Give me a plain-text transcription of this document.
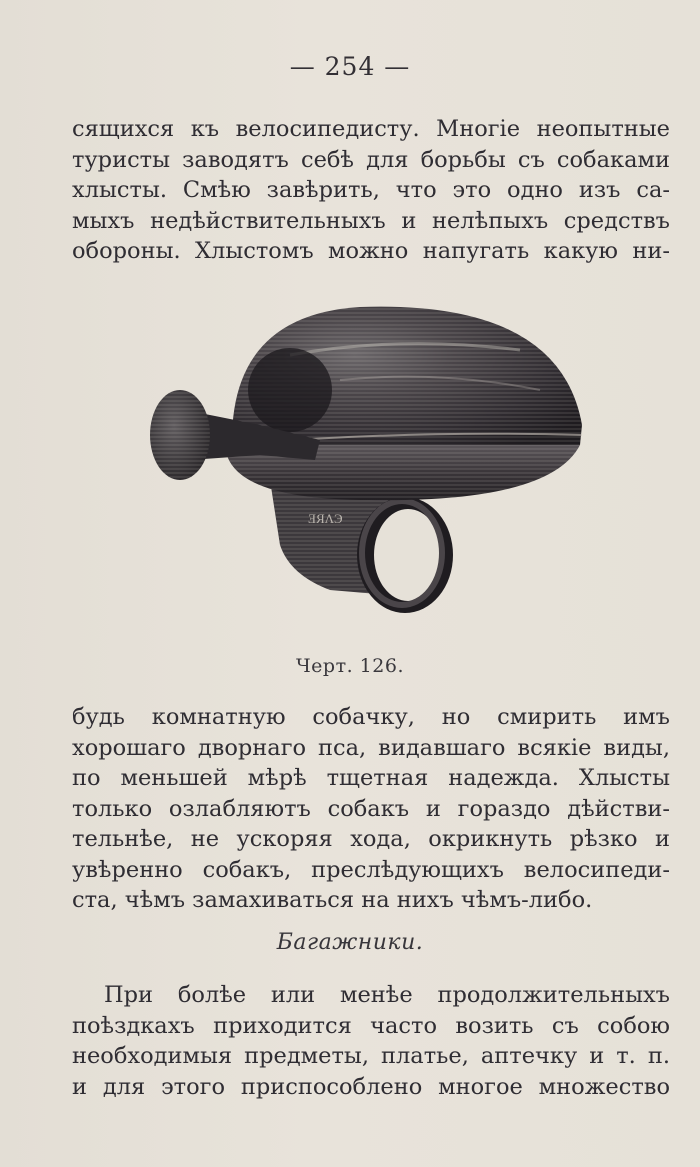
— 254 —
сящихся къ велосипедисту. Многіе неопытные
туристы заводятъ себѣ для борьбы съ собаками
хлысты. Смѣю завѣрить, что это одно изъ са-
мыхъ недѣйствительныхъ и нелѣпыхъ средствъ
обороны. Хлыстомъ можно напугать какую ни-
ƎЯΛЭ
Черт. 126.
будь комнатную собачку, но смирить имъ
хорошаго дворнаго пса, видавшаго всякіе виды,
по меньшей мѣрѣ тщетная надежда. Хлысты
только озлабляютъ собакъ и гораздо дѣйстви-
тельнѣе, не ускоряя хода, окрикнуть рѣзко и
увѣренно собакъ, преслѣдующихъ велосипеди-
ста, чѣмъ замахиваться на нихъ чѣмъ-либо.
Багажники.
При болѣе или менѣе продолжительныхъ
поѣздкахъ приходится часто возить съ собою
необходимыя предметы, платье, аптечку и т. п.
и для этого приспособлено многое множество
